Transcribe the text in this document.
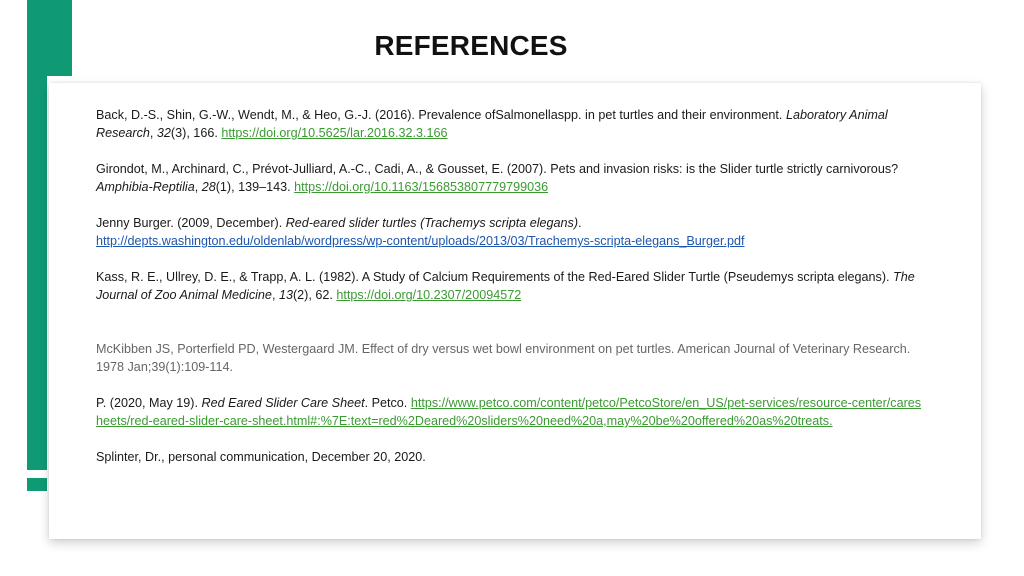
REFERENCES

Back, D.-S., Shin, G.-W., Wendt, M., & Heo, G.-J. (2016). Prevalence ofSalmonellaspp. in pet turtles and their environment. Laboratory Animal Research, 32(3), 166. https://doi.org/10.5625/lar.2016.32.3.166

Girondot, M., Archinard, C., Prévot-Julliard, A.-C., Cadi, A., & Gousset, E. (2007). Pets and invasion risks: is the Slider turtle strictly carnivorous? Amphibia-Reptilia, 28(1), 139–143. https://doi.org/10.1163/156853807779799036

Jenny Burger. (2009, December). Red-eared slider turtles (Trachemys scripta elegans).
http://depts.washington.edu/oldenlab/wordpress/wp-content/uploads/2013/03/Trachemys-scripta-elegans_Burger.pdf

Kass, R. E., Ullrey, D. E., & Trapp, A. L. (1982). A Study of Calcium Requirements of the Red-Eared Slider Turtle (Pseudemys scripta elegans). The Journal of Zoo Animal Medicine, 13(2), 62. https://doi.org/10.2307/20094572

McKibben JS, Porterfield PD, Westergaard JM. Effect of dry versus wet bowl environment on pet turtles. American Journal of Veterinary Research. 1978 Jan;39(1):109-114.

P. (2020, May 19). Red Eared Slider Care Sheet. Petco. https://www.petco.com/content/petco/PetcoStore/en_US/pet-services/resource-center/caresheets/red-eared-slider-care-sheet.html#:%7E:text=red%2Deared%20sliders%20need%20a,may%20be%20offered%20as%20treats.

Splinter, Dr., personal communication, December 20, 2020.
